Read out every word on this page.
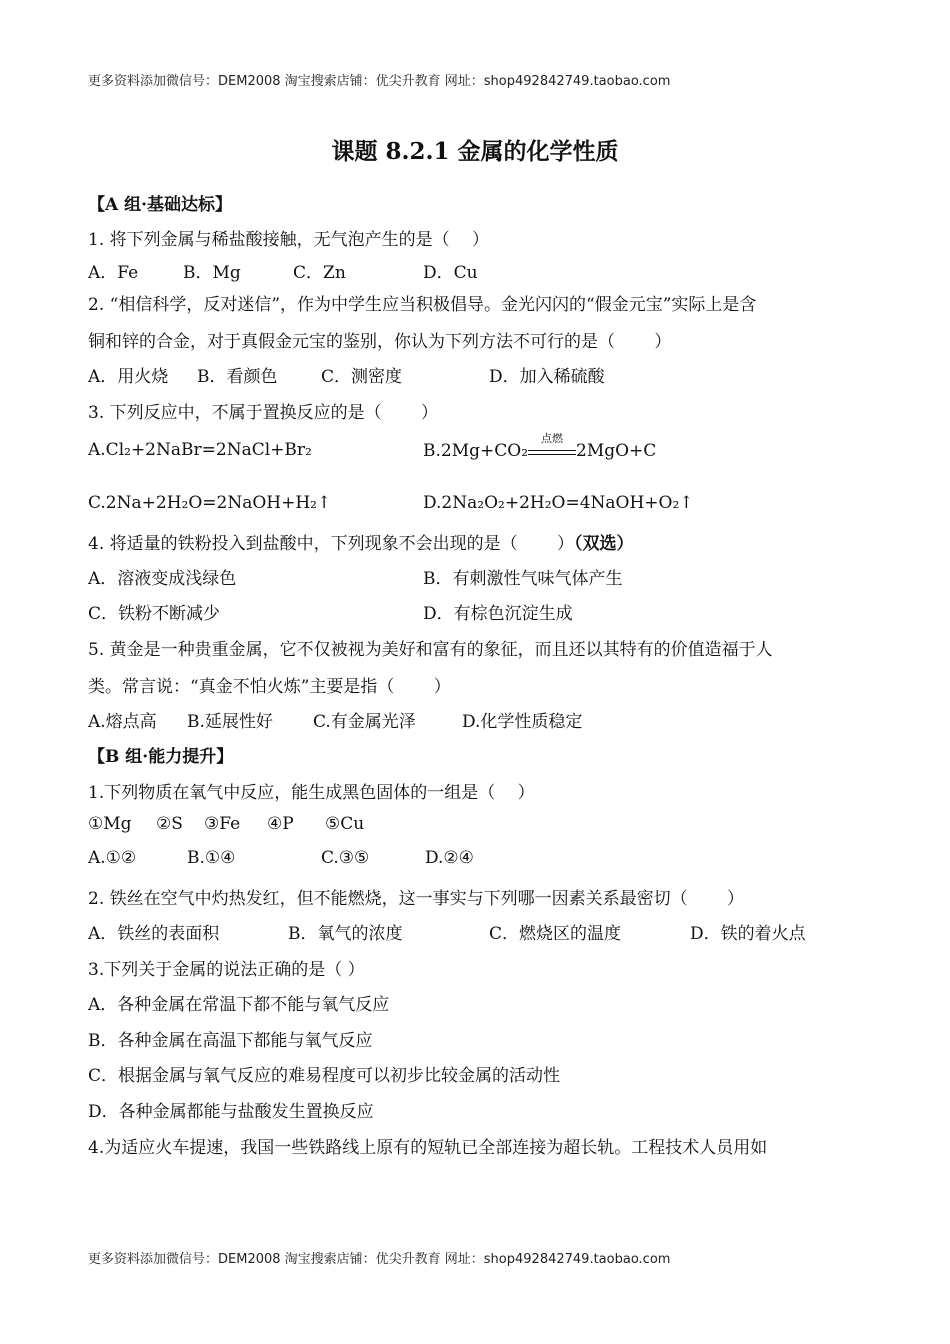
更多资料添加微信号：DEM2008 淘宝搜索店铺：优尖升教育 网址：shop492842749.taobao.com
课题 8.2.1 金属的化学性质
【A 组·基础达标】
1. 将下列金属与稀盐酸接触，无气泡产生的是（　 ）
A．Fe	B．Mg	C．Zn	D．Cu
2. “相信科学，反对迷信”，作为中学生应当积极倡导。金光闪闪的“假金元宝”实际上是含
铜和锌的合金，对于真假金元宝的鉴别，你认为下列方法不可行的是（　　 ）
A．用火烧 B．看颜色	C．测密度	D．加入稀硫酸
3. 下列反应中，不属于置换反应的是（　　 ）
A.Cl₂+2NaBr=2NaCl+Br₂	B.2Mg+CO₂
点燃
2MgO+C
C.2Na+2H₂O=2NaOH+H₂↑	D.2Na₂O₂+2H₂O=4NaOH+O₂↑
4. 将适量的铁粉投入到盐酸中，下列现象不会出现的是（　　 ）（双选）
A．溶液变成浅绿色	B．有刺激性气味气体产生
C．铁粉不断减少	D．有棕色沉淀生成
5. 黄金是一种贵重金属，它不仅被视为美好和富有的象征，而且还以其特有的价值造福于人
类。常言说：“真金不怕火炼”主要是指（　　 ）
A.熔点高 B.延展性好 C.有金属光泽	D.化学性质稳定
【B 组·能力提升】
1.下列物质在氧气中反应，能生成黑色固体的一组是（　 ）
①Mg ②S ③Fe ④P ⑤Cu
A.①②	B.①④	C.③⑤	D.②④
2. 铁丝在空气中灼热发红，但不能燃烧，这一事实与下列哪一因素关系最密切（　　 ）
A．铁丝的表面积	B．氧气的浓度	C．燃烧区的温度	D．铁的着火点
3.下列关于金属的说法正确的是（ ）
A．各种金属在常温下都不能与氧气反应
B．各种金属在高温下都能与氧气反应
C．根据金属与氧气反应的难易程度可以初步比较金属的活动性
D．各种金属都能与盐酸发生置换反应
4.为适应火车提速，我国一些铁路线上原有的短轨已全部连接为超长轨。工程技术人员用如
更多资料添加微信号：DEM2008 淘宝搜索店铺：优尖升教育 网址：shop492842749.taobao.com
